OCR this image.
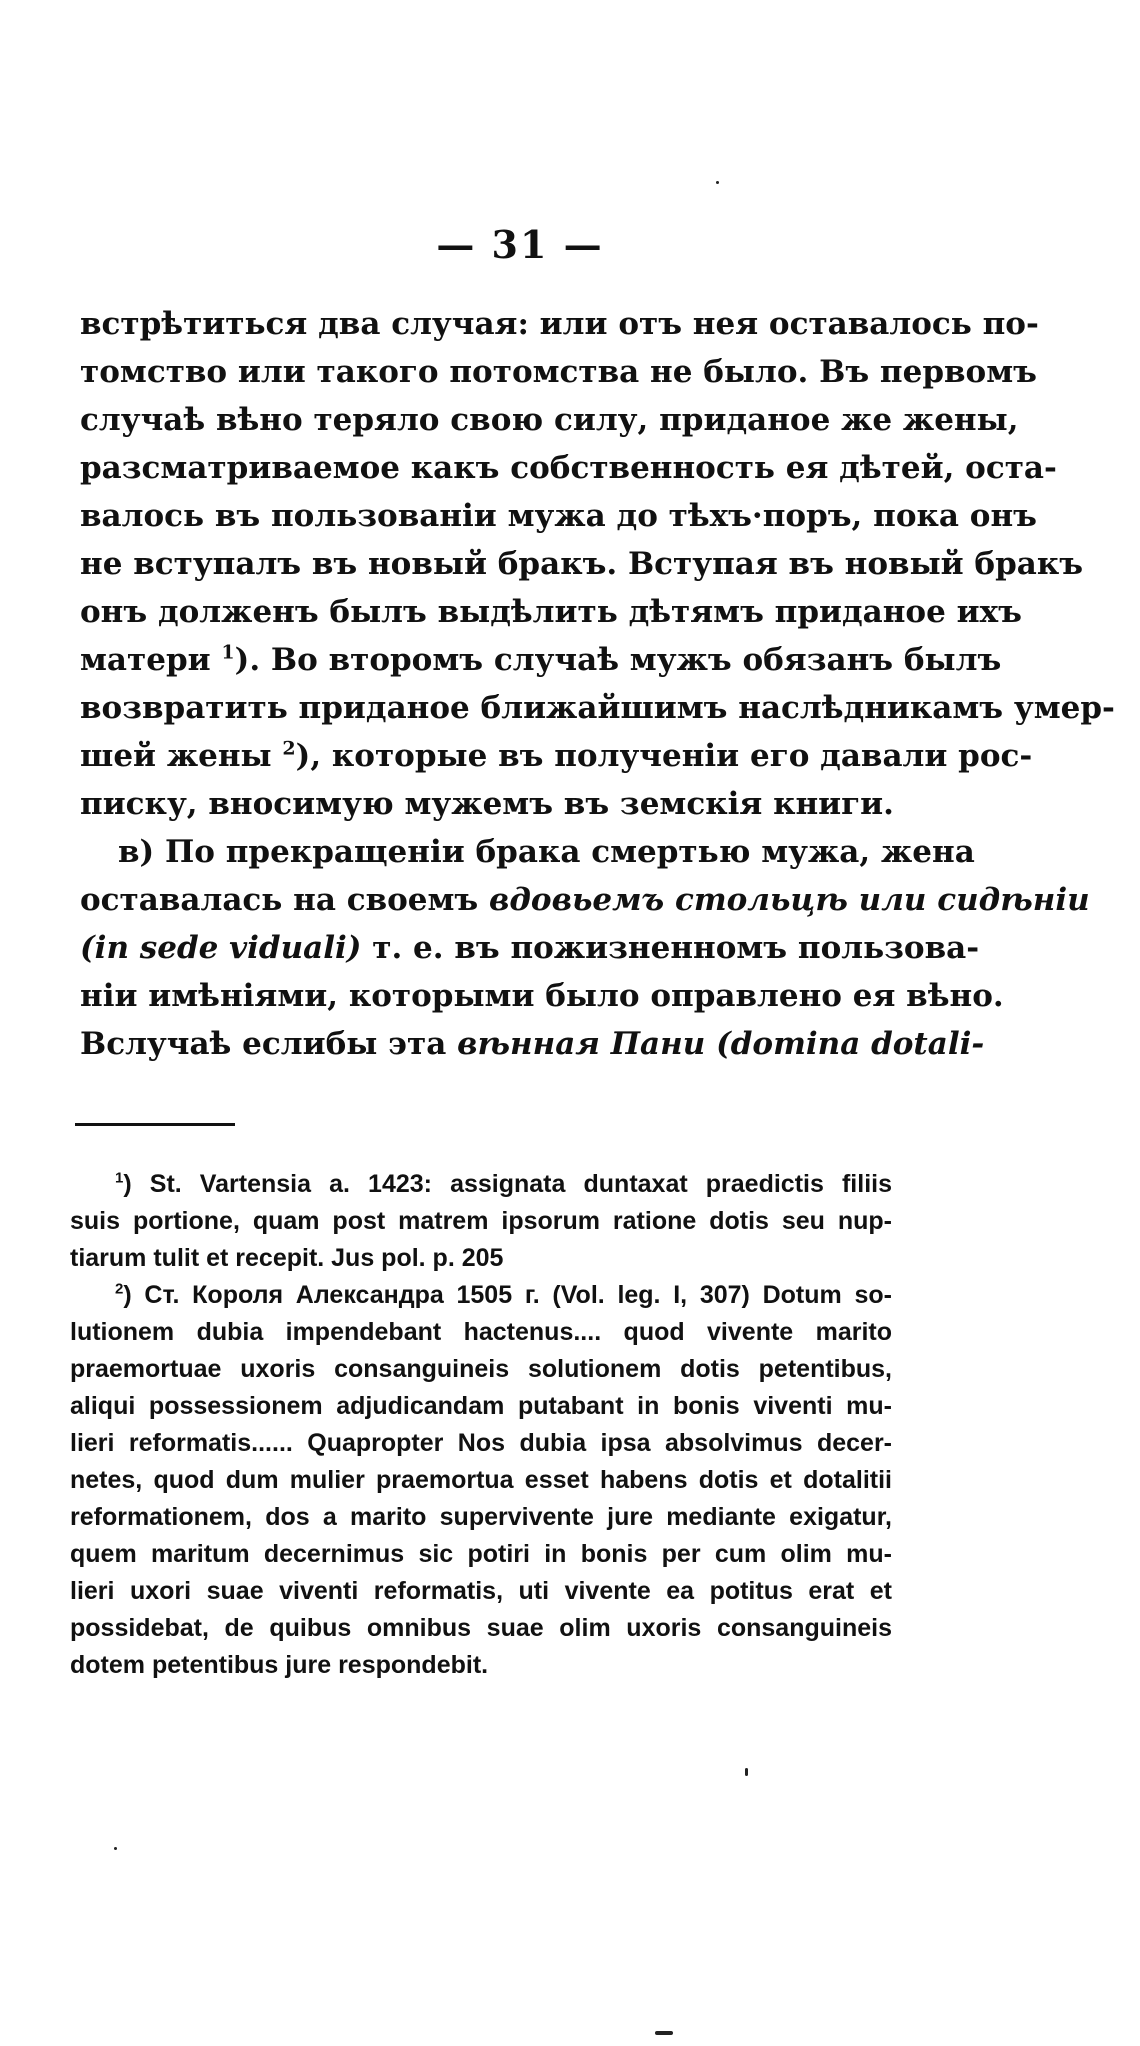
— 31 —
встрѣтиться два случая: или отъ нея оставалось по-
томство или такого потомства не было. Въ первомъ
случаѣ вѣно теряло свою силу, приданое же жены,
разсматриваемое какъ собственность ея дѣтей, оста-
валось въ пользованіи мужа до тѣхъ·поръ, пока онъ
не вступалъ въ новый бракъ. Вступая въ новый бракъ
онъ долженъ былъ выдѣлить дѣтямъ приданое ихъ
матери $^1$). Во второмъ случаѣ мужъ обязанъ былъ
возвратить приданое ближайшимъ наслѣдникамъ умер-
шей жены $^2$), которые въ полученіи его давали рос-
писку, вносимую мужемъ въ земскія книги.
в) По прекращеніи брака смертью мужа, жена
оставалась на своемъ вдовьемъ стольцѣ или сидѣніи
(in sede viduali) т. е. въ пожизненномъ пользова-
ніи имѣніями, которыми было оправлено ея вѣно.
Вслучаѣ еслибы эта вѣнная Пани (domina dotali-
$^1$) St. Vartensia a. 1423: assignata duntaxat praedictis filiis
suis portione, quam post matrem ipsorum ratione dotis seu nup-
tiarum tulit et recepit. Jus pol. p. 205
$^2$) Ст. Короля Александра 1505 г. (Vol. leg. I, 307) Dotum so-
lutionem dubia impendebant hactenus.... quod vivente marito
praemortuae uxoris consanguineis solutionem dotis petentibus,
aliqui possessionem adjudicandam putabant in bonis viventi mu-
lieri reformatis...... Quapropter Nos dubia ipsa absolvimus decer-
netes, quod dum mulier praemortua esset habens dotis et dotalitii
reformationem, dos a marito supervivente jure mediante exigatur,
quem maritum decernimus sic potiri in bonis per cum olim mu-
lieri uxori suae viventi reformatis, uti vivente ea potitus erat et
possidebat, de quibus omnibus suae olim uxoris consanguineis
dotem petentibus jure respondebit.
